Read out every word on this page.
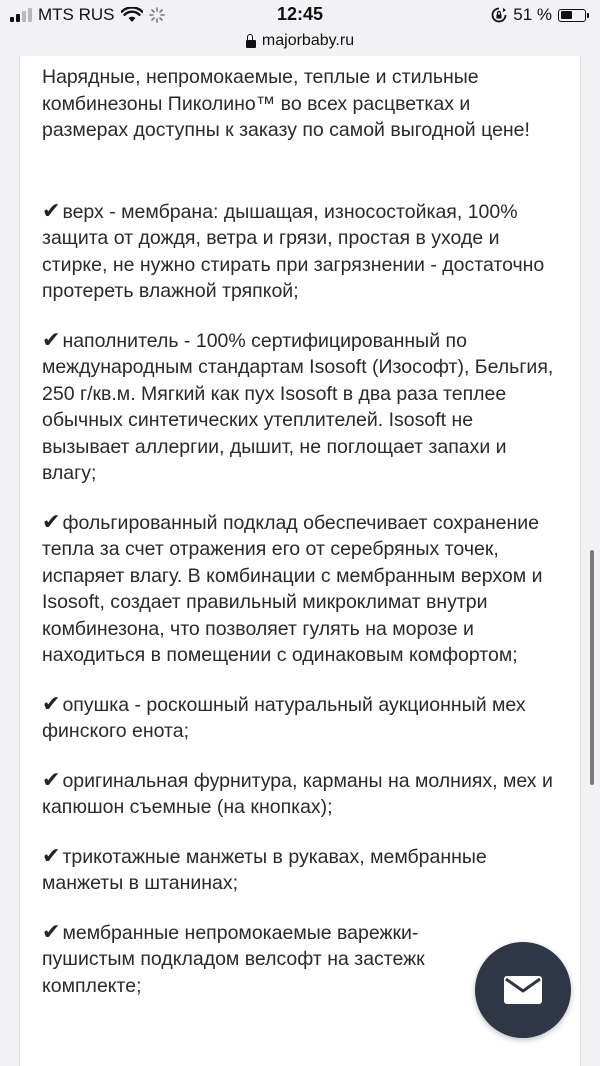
MTS RUS	12:45	51 %
majorbaby.ru

Нарядные, непромокаемые, теплые и стильные комбинезоны Пиколино™ во всех расцветках и размерах доступны к заказу по самой выгодной цене!

✔ верх - мембрана: дышащая, износостойкая, 100% защита от дождя, ветра и грязи, простая в уходе и стирке, не нужно стирать при загрязнении - достаточно протереть влажной тряпкой;

✔ наполнитель - 100% сертифицированный по международным стандартам Isosoft (Изософт), Бельгия, 250 г/кв.м. Мягкий как пух Isosoft в два раза теплее обычных синтетических утеплителей. Isosoft не вызывает аллергии, дышит, не поглощает запахи и влагу;

✔ фольгированный подклад обеспечивает сохранение тепла за счет отражения его от серебряных точек, испаряет влагу. В комбинации с мембранным верхом и Isosoft, создает правильный микроклимат внутри комбинезона, что позволяет гулять на морозе и находиться в помещении с одинаковым комфортом;

✔ опушка - роскошный натуральный аукционный мех финского енота;

✔ оригинальная фурнитура, карманы на молниях, мех и капюшон съемные (на кнопках);

✔ трикотажные манжеты в рукавах, мембранные манжеты в штанинах;

✔ мембранные непромокаемые варежки-
пушистым подкладом велсофт на застежк
комплекте;
